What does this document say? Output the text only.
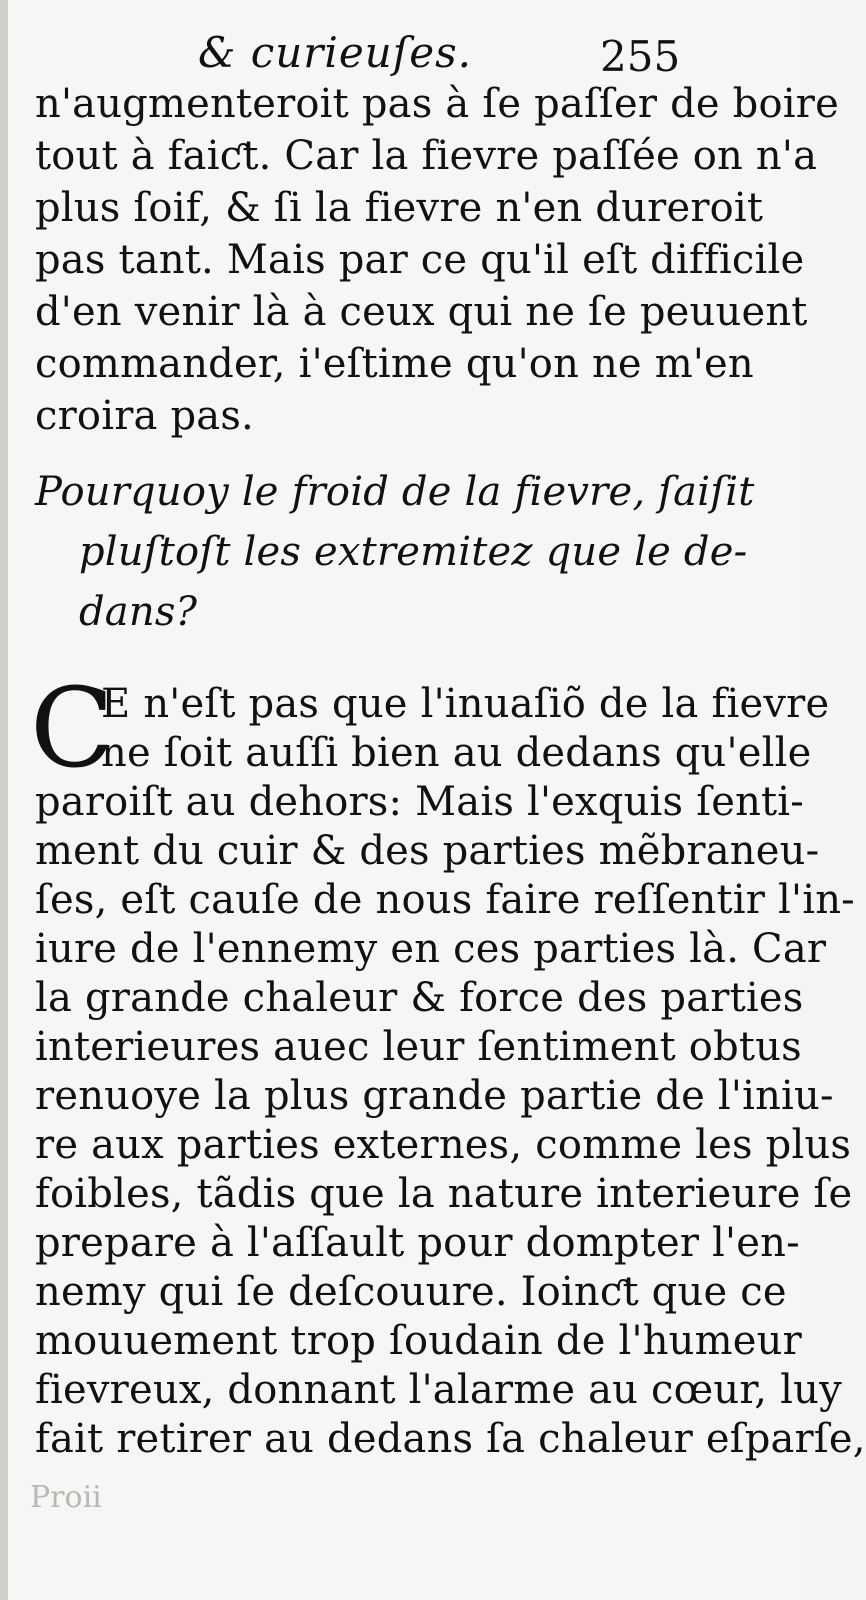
& curieuſes.	255
n'augmenteroit pas à ſe paſſer de boire
tout à faiƈt. Car la fievre paſſée on n'a
plus ſoif, & ſi la fievre n'en dureroit
pas tant. Mais par ce qu'il eſt difficile
d'en venir là à ceux qui ne ſe peuuent
commander, i'eſtime qu'on ne m'en
croira pas.
Pourquoy le froid de la fievre, ſaiſit
pluſtoſt les extremitez que le de-
dans?
C
E n'eſt pas que l'inuaſiõ de la fievre
ne ſoit auſſi bien au dedans qu'elle
paroiſt au dehors: Mais l'exquis ſenti-
ment du cuir & des parties mẽbraneu-
ſes, eſt cauſe de nous faire reſſentir l'in-
iure de l'ennemy en ces parties là. Car
la grande chaleur & force des parties
interieures auec leur ſentiment obtus
renuoye la plus grande partie de l'iniu-
re aux parties externes, comme les plus
foibles, tãdis que la nature interieure ſe
prepare à l'aſſault pour dompter l'en-
nemy qui ſe deſcouure. Ioinƈt que ce
mouuement trop ſoudain de l'humeur
fievreux, donnant l'alarme au cœur, luy
fait retirer au dedans ſa chaleur eſparſe,
Proii
